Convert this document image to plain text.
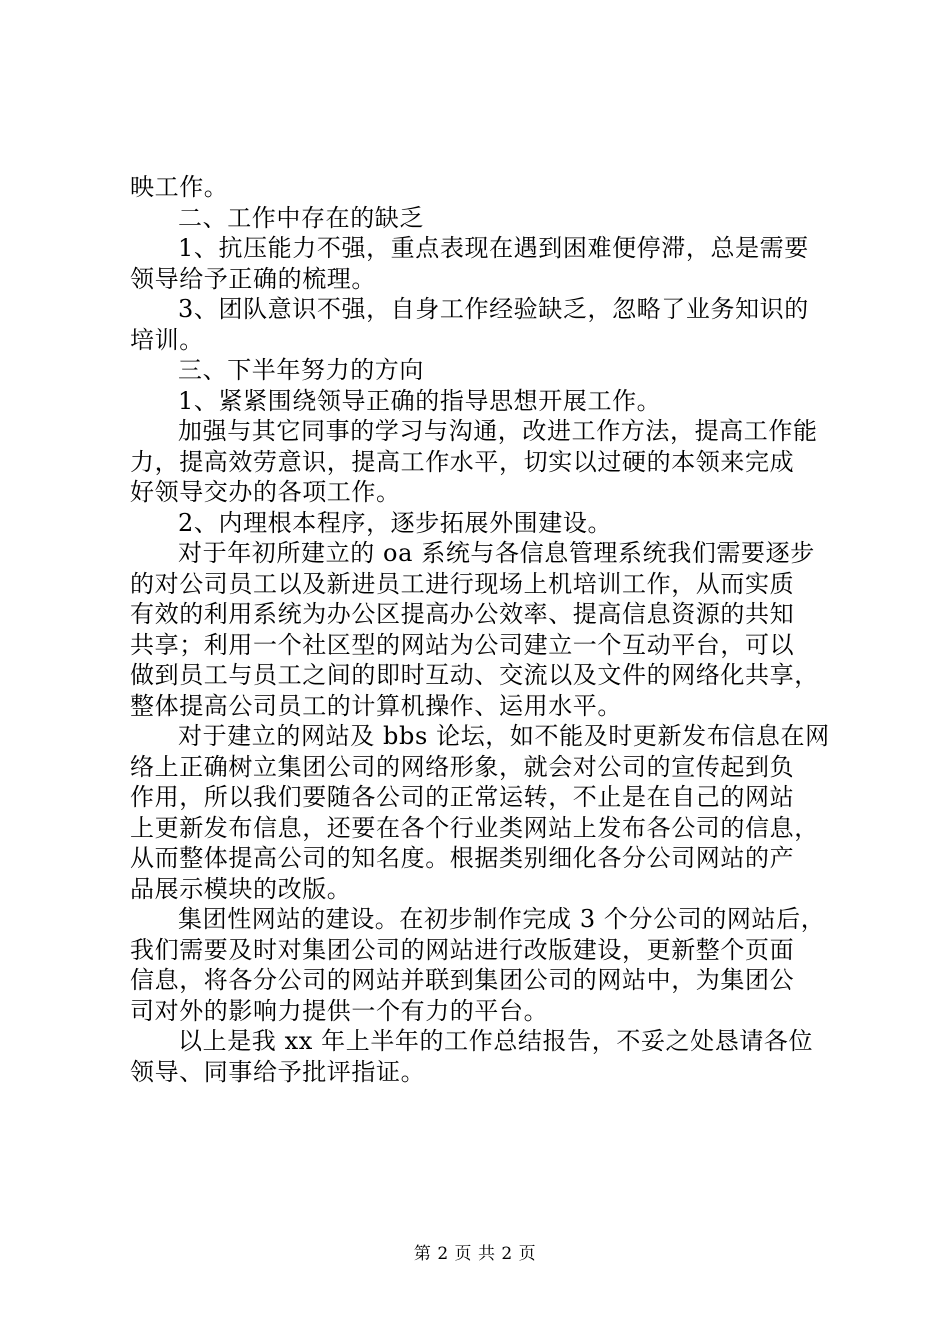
映工作。

二、工作中存在的缺乏

1、抗压能力不强，重点表现在遇到困难便停滞，总是需要

领导给予正确的梳理。

3、团队意识不强，自身工作经验缺乏，忽略了业务知识的

培训。

三、下半年努力的方向

1、紧紧围绕领导正确的指导思想开展工作。

加强与其它同事的学习与沟通，改进工作方法，提高工作能

力，提高效劳意识，提高工作水平，切实以过硬的本领来完成

好领导交办的各项工作。

2、内理根本程序，逐步拓展外围建设。

对于年初所建立的 oa 系统与各信息管理系统我们需要逐步

的对公司员工以及新进员工进行现场上机培训工作，从而实质

有效的利用系统为办公区提高办公效率、提高信息资源的共知

共享；利用一个社区型的网站为公司建立一个互动平台，可以

做到员工与员工之间的即时互动、交流以及文件的网络化共享，

整体提高公司员工的计算机操作、运用水平。

对于建立的网站及 bbs 论坛，如不能及时更新发布信息在网

络上正确树立集团公司的网络形象，就会对公司的宣传起到负

作用，所以我们要随各公司的正常运转，不止是在自己的网站

上更新发布信息，还要在各个行业类网站上发布各公司的信息，

从而整体提高公司的知名度。根据类别细化各分公司网站的产

品展示模块的改版。

集团性网站的建设。在初步制作完成 3 个分公司的网站后，

我们需要及时对集团公司的网站进行改版建设，更新整个页面

信息，将各分公司的网站并联到集团公司的网站中，为集团公

司对外的影响力提供一个有力的平台。

以上是我 xx 年上半年的工作总结报告，不妥之处恳请各位

领导、同事给予批评指证。

第 2 页 共 2 页
